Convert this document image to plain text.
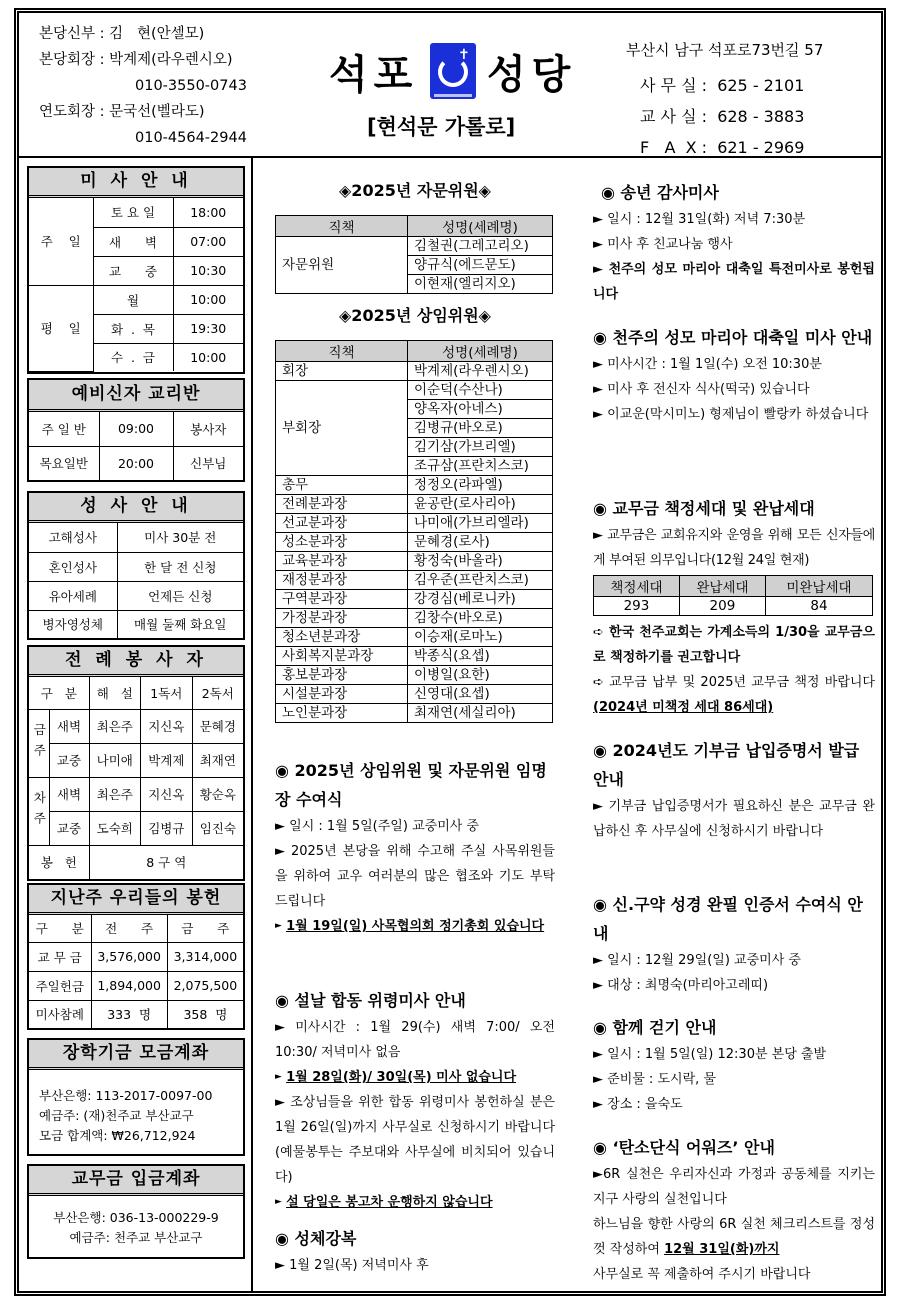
본당신부 : 김   현(안셀모)
본당회장 : 박계제(라우렌시오)
010-3550-0743
연도회장 : 문국선(벨라도)
010-4564-2944
석포 성당
✝
[현석문 가롤로]
부산시 남구 석포로73번길 57
사 무 실 :  625 - 2101
교 사 실 :  628 - 3883
F   A  X :  621 - 2969
미 사 안 내
주    일	토 요 일	18:00
	새      벽	07:00
	교      중	10:30
평    일	월	10:00
	화  .  목	19:30
	수  .  금	10:00
예비신자 교리반
주 일 반	09:00	봉사자
목요일반	20:00	신부님
성 사 안 내
고해성사	미사 30분 전
혼인성사	한 달 전 신청
유아세례	언제든 신청
병자영성체	매월 둘째 화요일
전 례 봉 사 자
구   분		해   설	1독서	2독서
금주	새벽	최은주	지신옥	문혜경
	교중	나미애	박계제	최재연
차주	새벽	최은주	지신옥	황순옥
	교중	도숙희	김병규	임진숙
봉   헌		8 구 역		
지난주 우리들의 봉헌
구      분	전      주	금      주
교 무 금	3,576,000	3,314,000
주일헌금	1,894,000	2,075,500
미사참례	333  명	358  명
장학기금 모금계좌
부산은행: 113-2017-0097-00
예금주: (재)천주교 부산교구
모금 합계액: ₩26,712,924
교무금 입금계좌
부산은행: 036-13-000229-9
예금주: 천주교 부산교구
◈2025년 자문위원◈
직책	성명(세례명)
자문위원	김철권(그레고리오)
	양규식(에드문도)
	이현재(엘리지오)
◈2025년 상임위원◈
직책	성명(세례명)
회장	박계제(라우렌시오)
부회장	이순덕(수산나)
	양옥자(아네스)
	김병규(바오로)
	김기삼(가브리엘)
	조규삼(프란치스코)
총무	정정오(라파엘)
전례분과장	윤공란(로사리아)
선교분과장	나미애(가브리엘라)
성소분과장	문혜경(로사)
교육분과장	황정숙(바올라)
재정분과장	김우준(프란치스코)
구역분과장	강경심(베로니카)
가정분과장	김창수(바오로)
청소년분과장	이승재(로마노)
사회복지분과장	박종식(요셉)
홍보분과장	이병일(요한)
시설분과장	신영대(요셉)
노인분과장	최재연(세실리아)
◉ 2025년 상임위원 및 자문위원 임명장 수여식
► 일시 : 1월 5일(주일) 교중미사 중
► 2025년 본당을 위해 수고해 주실 사목위원들을 위하여 교우 여러분의 많은 협조와 기도 부탁 드립니다
► 1월 19일(일) 사목협의회 정기총회 있습니다
◉ 설날 합동 위령미사 안내
► 미사시간 : 1월 29(수) 새벽 7:00/ 오전 10:30/ 저녁미사 없음
► 1월 28일(화)/ 30일(목) 미사 없습니다
► 조상님들을 위한 합동 위령미사 봉헌하실 분은 1월 26일(일)까지 사무실로 신청하시기 바랍니다(예물봉투는 주보대와 사무실에 비치되어 있습니다)
► 설 당일은 봉고차 운행하지 않습니다
◉ 성체강복
► 1월 2일(목) 저녁미사 후
◉ 송년 감사미사
► 일시 : 12월 31일(화) 저녁 7:30분
► 미사 후 친교나눔 행사
► 천주의 성모 마리아 대축일 특전미사로 봉헌됩니다
◉ 천주의 성모 마리아 대축일 미사 안내
► 미사시간 : 1월 1일(수) 오전 10:30분
► 미사 후 전신자 식사(떡국) 있습니다
► 이교운(막시미노) 형제님이 빨랑카 하셨습니다
◉ 교무금 책정세대 및 완납세대
► 교무금은 교회유지와 운영을 위해 모든 신자들에게 부여된 의무입니다(12월 24일 현재)
책정세대	완납세대	미완납세대
293	209	84
➪ 한국 천주교회는 가계소득의 1/30을 교무금으로 책정하기를 권고합니다
➪ 교무금 납부 및 2025년 교무금 책정 바랍니다(2024년 미책정 세대 86세대)
◉ 2024년도 기부금 납입증명서 발급 안내
► 기부금 납입증명서가 필요하신 분은 교무금 완납하신 후 사무실에 신청하시기 바랍니다
◉ 신.구약 성경 완필 인증서 수여식 안내
► 일시 : 12월 29일(일) 교중미사 중
► 대상 : 최명숙(마리아고레띠)
◉ 함께 걷기 안내
► 일시 : 1월 5일(일) 12:30분 본당 출발
► 준비물 : 도시락, 물
► 장소 : 을숙도
◉ ‘탄소단식 어워즈’ 안내
►6R 실천은 우리자신과 가정과 공동체를 지키는 지구 사랑의 실천입니다
하느님을 향한 사랑의 6R 실천 체크리스트를 정성껏 작성하여 12월 31일(화)까지
사무실로 꼭 제출하여 주시기 바랍니다
